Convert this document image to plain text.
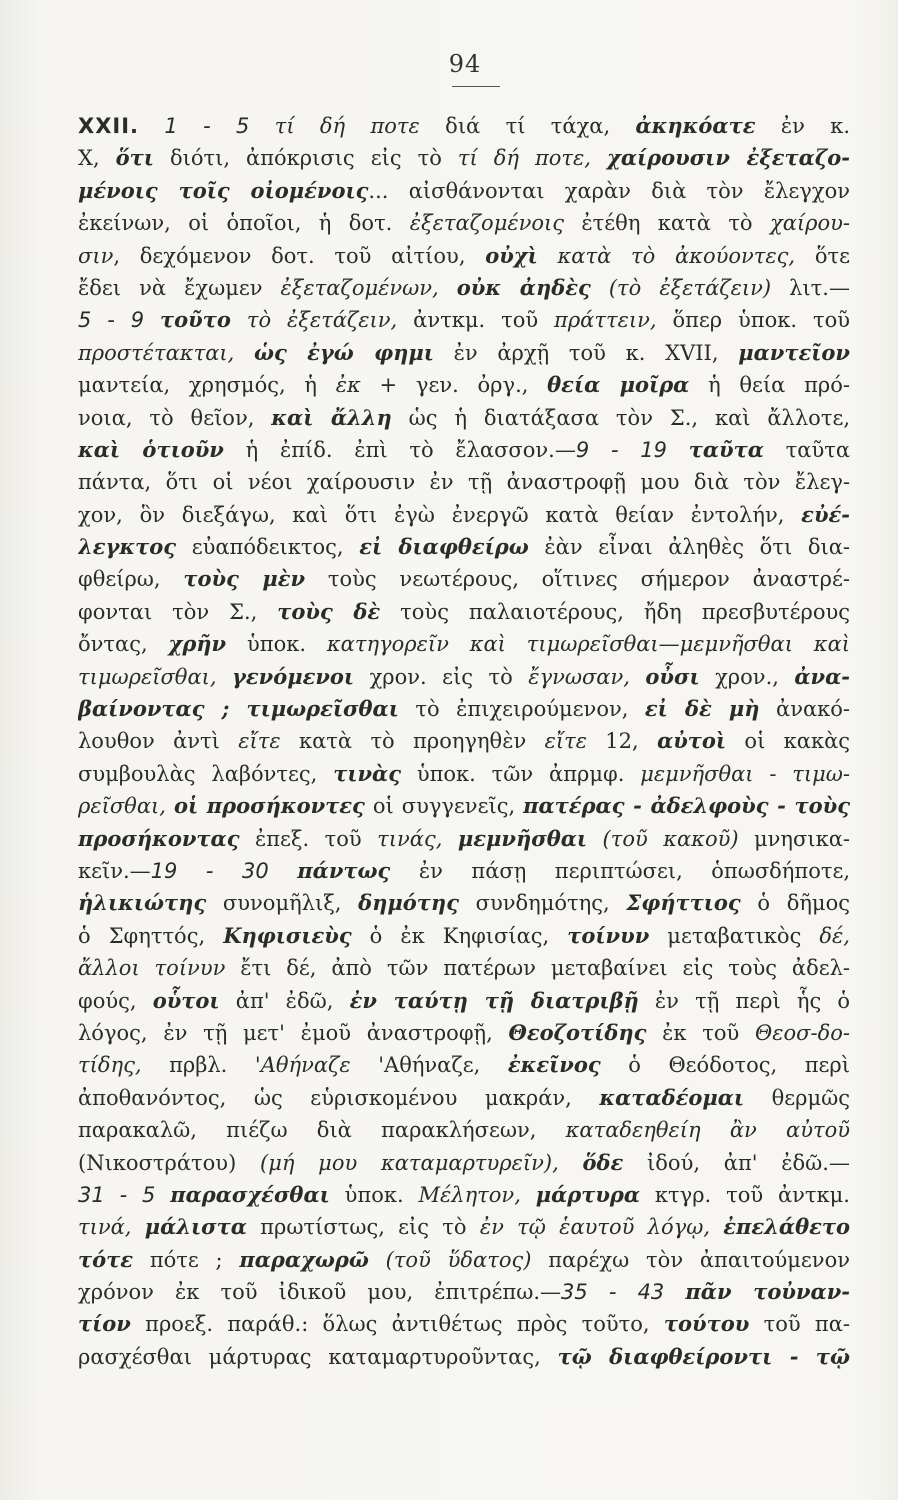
94
ΧΧΙΙ. 1 - 5 τί δή ποτε διά τί τάχα, ἀκηκόατε ἐν κ.
Χ, ὅτι διότι, ἀπόκρισις εἰς τὸ τί δή ποτε, χαίρουσιν ἐξεταζο-
μένοις τοῖς οἰομένοις... αἰσθάνονται χαρὰν διὰ τὸν ἔλεγχον
ἐκείνων, οἱ ὁποῖοι, ἡ δοτ. ἐξεταζομένοις ἐτέθη κατὰ τὸ χαίρου-
σιν, δεχόμενον δοτ. τοῦ αἰτίου, οὐχὶ κατὰ τὸ ἀκούοντες, ὅτε
ἔδει νὰ ἔχωμεν ἐξεταζομένων, οὐκ ἀηδὲς (τὸ ἐξετάζειν) λιτ.—
5 - 9 τοῦτο τὸ ἐξετάζειν, ἀντκμ. τοῦ πράττειν, ὅπερ ὑποκ. τοῦ
προστέτακται, ὡς ἐγώ φημι ἐν ἀρχῇ τοῦ κ. XVII, μαντεῖον
μαντεία, χρησμός, ἡ ἐκ + γεν. ὀργ., θεία μοῖρα ἡ θεία πρό-
νοια, τὸ θεῖον, καὶ ἄλλη ὡς ἡ διατάξασα τὸν Σ., καὶ ἄλλοτε,
καὶ ὁτιοῦν ἡ ἐπίδ. ἐπὶ τὸ ἔλασσον.—9 - 19 ταῦτα ταῦτα
πάντα, ὅτι οἱ νέοι χαίρουσιν ἐν τῇ ἀναστροφῇ μου διὰ τὸν ἔλεγ-
χον, ὃν διεξάγω, καὶ ὅτι ἐγὼ ἐνεργῶ κατὰ θείαν ἐντολήν, εὐέ-
λεγκτος εὐαπόδεικτος, εἰ διαφθείρω ἐὰν εἶναι ἀληθὲς ὅτι δια-
φθείρω, τοὺς μὲν τοὺς νεωτέρους, οἵτινες σήμερον ἀναστρέ-
φονται τὸν Σ., τοὺς δὲ τοὺς παλαιοτέρους, ἤδη πρεσβυτέρους
ὄντας, χρῆν ὑποκ. κατηγορεῖν καὶ τιμωρεῖσθαι—μεμνῆσθαι καὶ
τιμωρεῖσθαι, γενόμενοι χρον. εἰς τὸ ἔγνωσαν, οὖσι χρον., ἀνα-
βαίνοντας ; τιμωρεῖσθαι τὸ ἐπιχειρούμενον, εἰ δὲ μὴ ἀνακό-
λουθον ἀντὶ εἴτε κατὰ τὸ προηγηθὲν εἴτε 12, αὐτοὶ οἱ κακὰς
συμβουλὰς λαβόντες, τινὰς ὑποκ. τῶν ἀπρμφ. μεμνῆσθαι - τιμω-
ρεῖσθαι, οἱ προσήκοντες οἱ συγγενεῖς, πατέρας - ἀδελφοὺς - τοὺς
προσήκοντας ἐπεξ. τοῦ τινάς, μεμνῆσθαι (τοῦ κακοῦ) μνησικα-
κεῖν.—19 - 30 πάντως ἐν πάσῃ περιπτώσει, ὁπωσδήποτε,
ἡλικιώτης συνομῆλιξ, δημότης συνδημότης, Σφήττιος ὁ δῆμος
ὁ Σφηττός, Κηφισιεὺς ὁ ἐκ Κηφισίας, τοίνυν μεταβατικὸς δέ,
ἄλλοι τοίνυν ἔτι δέ, ἀπὸ τῶν πατέρων μεταβαίνει εἰς τοὺς ἀδελ-
φούς, οὗτοι ἀπ' ἐδῶ, ἐν ταύτῃ τῇ διατριβῇ ἐν τῇ περὶ ἧς ὁ
λόγος, ἐν τῇ μετ' ἐμοῦ ἀναστροφῇ, Θεοζοτίδης ἐκ τοῦ Θεοσ-δο-
τίδης, πρβλ. 'Αθήναζε 'Αθήναζε, ἐκεῖνος ὁ Θεόδοτος, περὶ
ἀποθανόντος, ὡς εὑρισκομένου μακράν, καταδέομαι θερμῶς
παρακαλῶ, πιέζω διὰ παρακλήσεων, καταδεηθείη ἂν αὐτοῦ
(Νικοστράτου) (μή μου καταμαρτυρεῖν), ὅδε ἰδού, ἀπ' ἐδῶ.—
31 - 5 παρασχέσθαι ὑποκ. Μέλητον, μάρτυρα κτγρ. τοῦ ἀντκμ.
τινά, μάλιστα πρωτίστως, εἰς τὸ ἐν τῷ ἑαυτοῦ λόγῳ, ἐπελάθετο
τότε πότε ; παραχωρῶ (τοῦ ὕδατος) παρέχω τὸν ἀπαιτούμενον
χρόνον ἐκ τοῦ ἰδικοῦ μου, ἐπιτρέπω.—35 - 43 πᾶν τοὐναν-
τίον προεξ. παράθ.: ὅλως ἀντιθέτως πρὸς τοῦτο, τούτου τοῦ πα-
ρασχέσθαι μάρτυρας καταμαρτυροῦντας, τῷ διαφθείροντι - τῷ
